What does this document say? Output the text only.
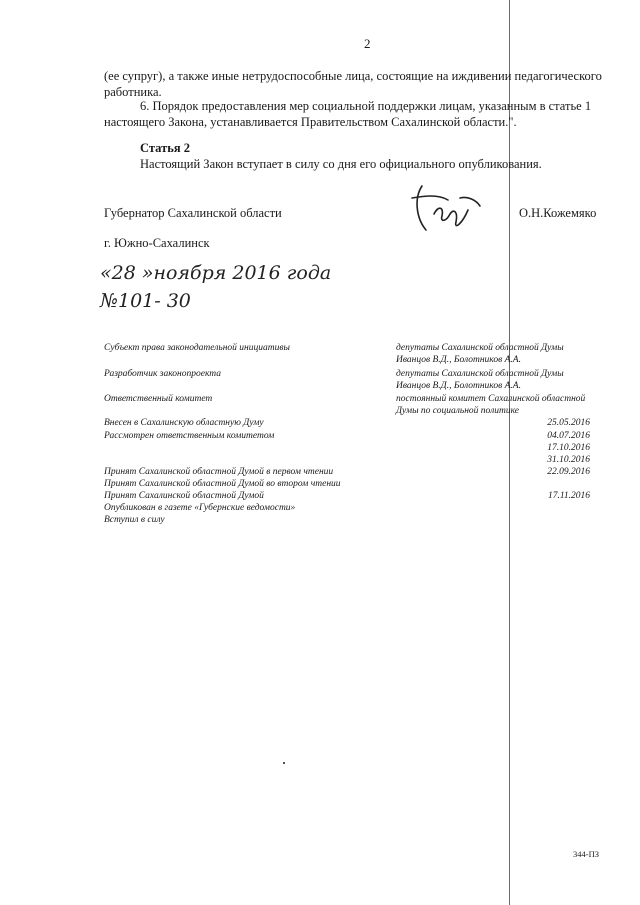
2
(ее супруг), а также иные нетрудоспособные лица, состоящие на иждивении педагогического работника.
6. Порядок предоставления мер социальной поддержки лицам, указанным в статье 1 настоящего Закона, устанавливается Правительством Сахалинской области.".
Статья 2
Настоящий Закон вступает в силу со дня его официального опубликования.
Губернатор Сахалинской области	О.Н.Кожемяко
г. Южно-Сахалинск
«28 »ноября 2016 года
№101- 30
Субъект права законодательной инициативы	депутаты Сахалинской областной Думы Иванцов В.Д., Болотников А.А.
Разработчик законопроекта	депутаты Сахалинской областной Думы Иванцов В.Д., Болотников А.А.
Ответственный комитет	постоянный комитет Сахалинской областной Думы по социальной политике
Внесен в Сахалинскую областную Думу	25.05.2016
Рассмотрен ответственным комитетом	04.07.2016
17.10.2016
31.10.2016
Принят Сахалинской областной Думой в первом чтении	22.09.2016
Принят Сахалинской областной Думой во втором чтении
Принят Сахалинской областной Думой	17.11.2016
Опубликован в газете «Губернские ведомости»
Вступил в силу
344-ПЗ
